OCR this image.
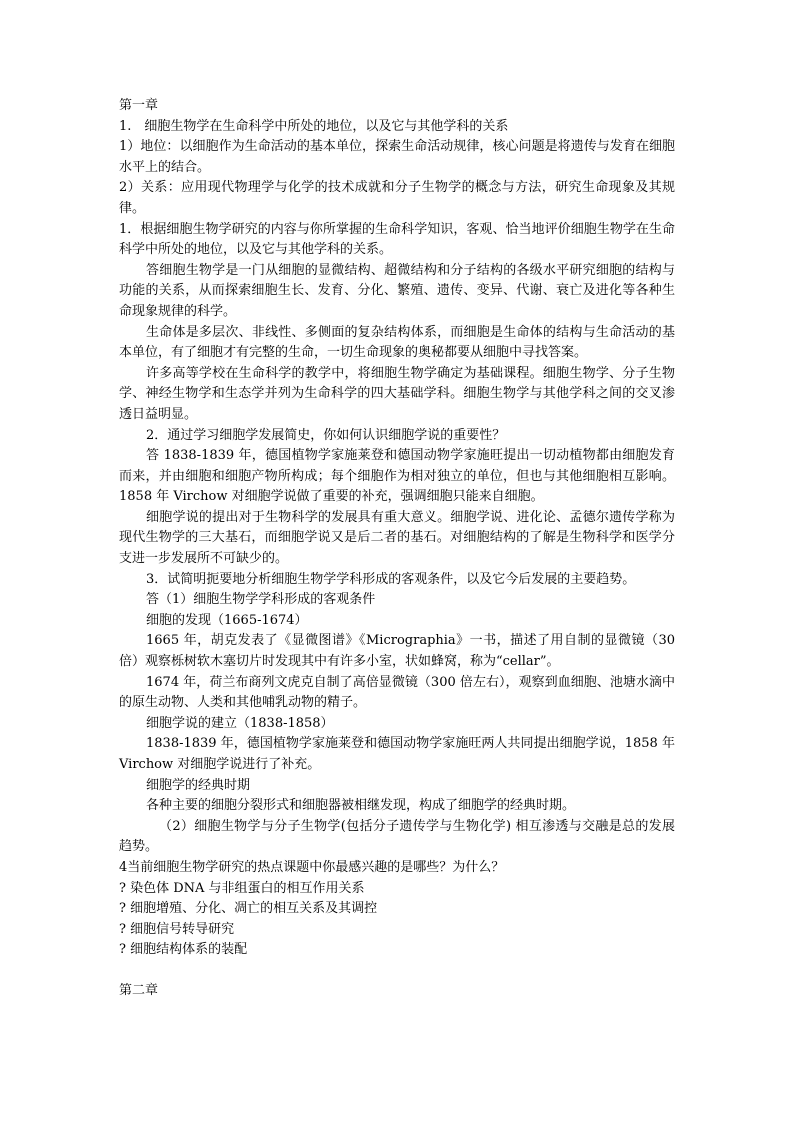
第一章

1.　细胞生物学在生命科学中所处的地位，以及它与其他学科的关系

1）地位：以细胞作为生命活动的基本单位，探索生命活动规律，核心问题是将遗传与发育在细胞水平上的结合。

2）关系：应用现代物理学与化学的技术成就和分子生物学的概念与方法，研究生命现象及其规律。

1．根据细胞生物学研究的内容与你所掌握的生命科学知识，客观、恰当地评价细胞生物学在生命科学中所处的地位，以及它与其他学科的关系。

答细胞生物学是一门从细胞的显微结构、超微结构和分子结构的各级水平研究细胞的结构与功能的关系，从而探索细胞生长、发育、分化、繁殖、遗传、变异、代谢、衰亡及进化等各种生命现象规律的科学。

生命体是多层次、非线性、多侧面的复杂结构体系，而细胞是生命体的结构与生命活动的基本单位，有了细胞才有完整的生命，一切生命现象的奥秘都要从细胞中寻找答案。

许多高等学校在生命科学的教学中，将细胞生物学确定为基础课程。细胞生物学、分子生物学、神经生物学和生态学并列为生命科学的四大基础学科。细胞生物学与其他学科之间的交叉渗透日益明显。

2．通过学习细胞学发展简史，你如何认识细胞学说的重要性？

答 1838-1839 年，德国植物学家施莱登和德国动物学家施旺提出一切动植物都由细胞发育而来，并由细胞和细胞产物所构成；每个细胞作为相对独立的单位，但也与其他细胞相互影响。1858 年 Virchow 对细胞学说做了重要的补充，强调细胞只能来自细胞。

细胞学说的提出对于生物科学的发展具有重大意义。细胞学说、进化论、孟德尔遗传学称为现代生物学的三大基石，而细胞学说又是后二者的基石。对细胞结构的了解是生物科学和医学分支进一步发展所不可缺少的。

3．试简明扼要地分析细胞生物学学科形成的客观条件，以及它今后发展的主要趋势。

答（1）细胞生物学学科形成的客观条件

细胞的发现（1665-1674）

1665 年，胡克发表了《显微图谱》《Micrographia》一书，描述了用自制的显微镜（30 倍）观察栎树软木塞切片时发现其中有许多小室，状如蜂窝，称为“cellar”。

1674 年，荷兰布商列文虎克自制了高倍显微镜（300 倍左右），观察到血细胞、池塘水滴中的原生动物、人类和其他哺乳动物的精子。

细胞学说的建立（1838-1858）

1838-1839 年，德国植物学家施莱登和德国动物学家施旺两人共同提出细胞学说，1858 年 Virchow 对细胞学说进行了补充。

细胞学的经典时期

各种主要的细胞分裂形式和细胞器被相继发现，构成了细胞学的经典时期。

（2）细胞生物学与分子生物学(包括分子遗传学与生物化学) 相互渗透与交融是总的发展趋势。

4当前细胞生物学研究的热点课题中你最感兴趣的是哪些？为什么？

? 染色体 DNA 与非组蛋白的相互作用关系
? 细胞增殖、分化、凋亡的相互关系及其调控
? 细胞信号转导研究
? 细胞结构体系的装配

第二章
